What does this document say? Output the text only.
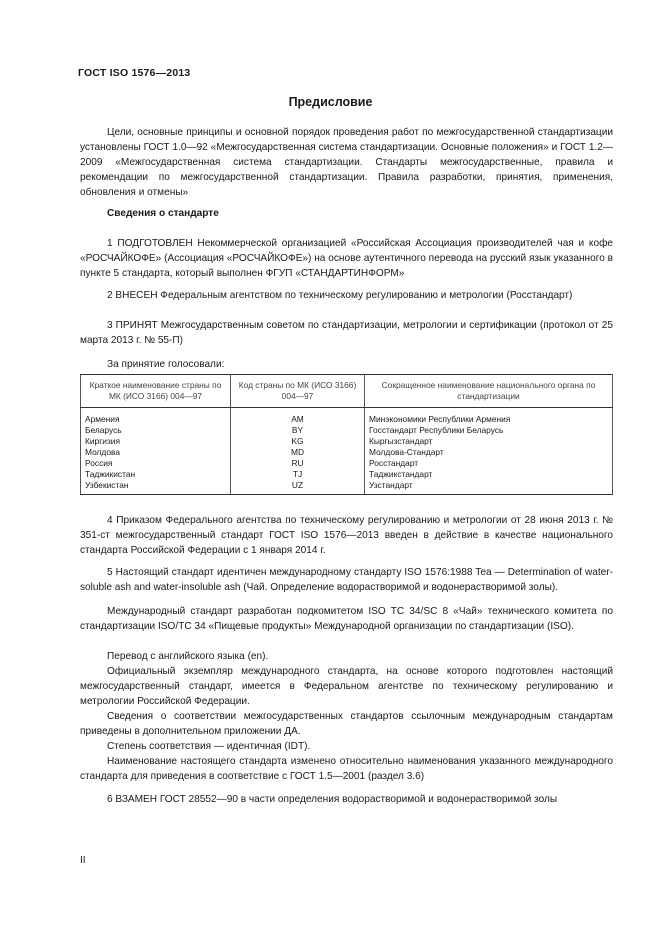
ГОСТ ISO 1576—2013
Предисловие
Цели, основные принципы и основной порядок проведения работ по межгосударственной стандартизации установлены ГОСТ 1.0—92 «Межгосударственная система стандартизации. Основные положения» и ГОСТ 1.2—2009 «Межгосударственная система стандартизации. Стандарты межгосударственные, правила и рекомендации по межгосударственной стандартизации. Правила разработки, принятия, применения, обновления и отмены»
Сведения о стандарте
1 ПОДГОТОВЛЕН Некоммерческой организацией «Российская Ассоциация производителей чая и кофе «РОСЧАЙКОФЕ» (Ассоциация «РОСЧАЙКОФЕ») на основе аутентичного перевода на русский язык указанного в пункте 5 стандарта, который выполнен ФГУП «СТАНДАРТИНФОРМ»
2 ВНЕСЕН Федеральным агентством по техническому регулированию и метрологии (Росстандарт)
3 ПРИНЯТ Межгосударственным советом по стандартизации, метрологии и сертификации (протокол от 25 марта 2013 г. № 55-П)
За принятие голосовали:
Краткое наименование страны по МК (ИСО 3166) 004—97	Код страны по МК (ИСО 3166) 004—97	Сокращенное наименование национального органа по стандартизации
Армения	AM	Минэкономики Республики Армения
Беларусь	BY	Госстандарт Республики Беларусь
Киргизия	KG	Кыргызстандарт
Молдова	MD	Молдова-Стандарт
Россия	RU	Росстандарт
Таджикистан	TJ	Таджикстандарт
Узбекистан	UZ	Узстандарт
4 Приказом Федерального агентства по техническому регулированию и метрологии от 28 июня 2013 г. № 351-ст межгосударственный стандарт ГОСТ ISO 1576—2013 введен в действие в качестве национального стандарта Российской Федерации с 1 января 2014 г.
5 Настоящий стандарт идентичен международному стандарту ISO 1576:1988 Tea — Determination of water-soluble ash and water-insoluble ash (Чай. Определение водорастворимой и водонерастворимой золы).
Международный стандарт разработан подкомитетом ISO TC 34/SC 8 «Чай» технического комитета по стандартизации ISO/TC 34 «Пищевые продукты» Международной организации по стандартизации (ISO).
Перевод с английского языка (en).
Официальный экземпляр международного стандарта, на основе которого подготовлен настоящий межгосударственный стандарт, имеется в Федеральном агентстве по техническому регулированию и метрологии Российской Федерации.
Сведения о соответствии межгосударственных стандартов ссылочным международным стандартам приведены в дополнительном приложении ДА.
Степень соответствия — идентичная (IDT).
Наименование настоящего стандарта изменено относительно наименования указанного международного стандарта для приведения в соответствие с ГОСТ 1.5—2001 (раздел 3.6)
6 ВЗАМЕН ГОСТ 28552—90 в части определения водорастворимой и водонерастворимой золы
II
